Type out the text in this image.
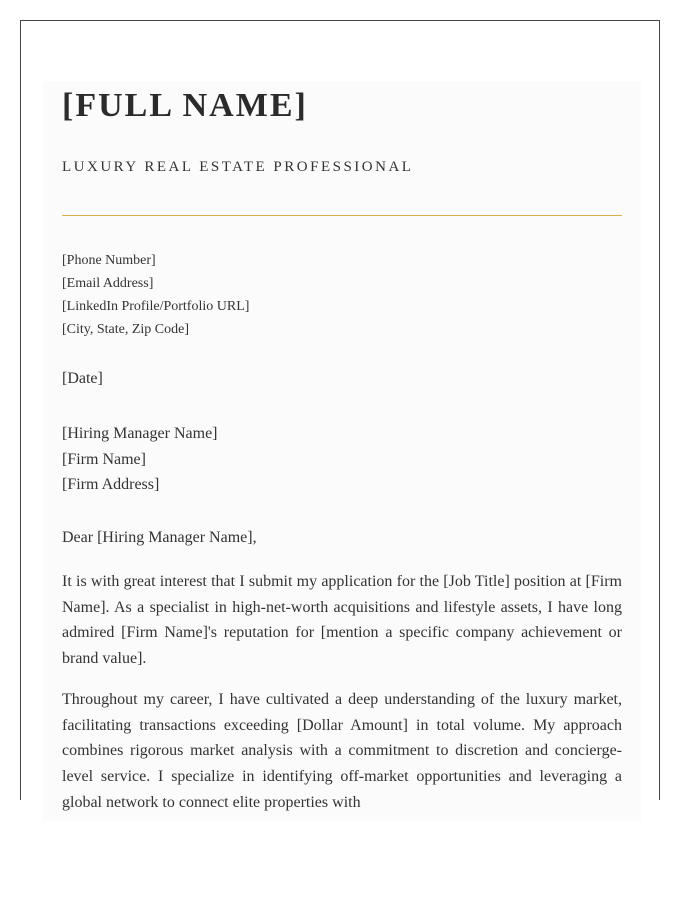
[FULL NAME]
LUXURY REAL ESTATE PROFESSIONAL
[Phone Number]
[Email Address]
[LinkedIn Profile/Portfolio URL]
[City, State, Zip Code]
[Date]
[Hiring Manager Name]
[Firm Name]
[Firm Address]
Dear [Hiring Manager Name],

It is with great interest that I submit my application for the [Job Title] position at [Firm Name]. As a specialist in high-net-worth acquisitions and lifestyle assets, I have long admired [Firm Name]'s reputation for [mention a specific company achievement or brand value].

Throughout my career, I have cultivated a deep understanding of the luxury market, facilitating transactions exceeding [Dollar Amount] in total volume. My approach combines rigorous market analysis with a commitment to discretion and concierge-level service. I specialize in identifying off-market opportunities and leveraging a global network to connect elite properties with
